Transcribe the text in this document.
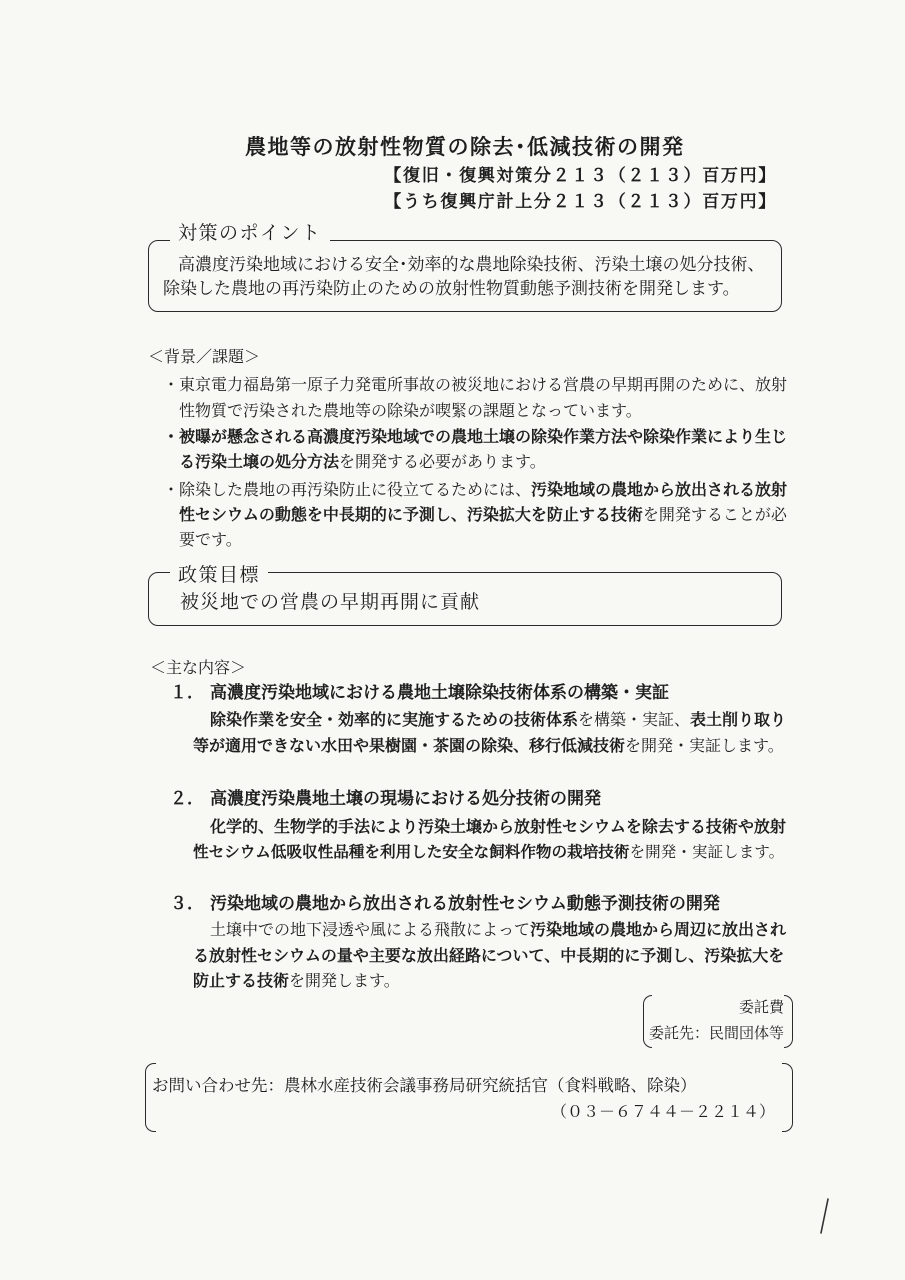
農地等の放射性物質の除去･低減技術の開発
【復旧・復興対策分２１３（２１３）百万円】
【うち復興庁計上分２１３（２１３）百万円】
対策のポイント
高濃度汚染地域における安全･効率的な農地除染技術、汚染土壌の処分技術、
除染した農地の再汚染防止のための放射性物質動態予測技術を開発します。
＜背景／課題＞
・東京電力福島第一原子力発電所事故の被災地における営農の早期再開のために、放射
性物質で汚染された農地等の除染が喫緊の課題となっています。
・被曝が懸念される高濃度汚染地域での農地土壌の除染作業方法や除染作業により生じ
る汚染土壌の処分方法を開発する必要があります。
・除染した農地の再汚染防止に役立てるためには、汚染地域の農地から放出される放射
性セシウムの動態を中長期的に予測し、汚染拡大を防止する技術を開発することが必
要です。
政策目標
被災地での営農の早期再開に貢献
＜主な内容＞
１． 高濃度汚染地域における農地土壌除染技術体系の構築・実証
除染作業を安全・効率的に実施するための技術体系を構築・実証、表土削り取り
等が適用できない水田や果樹園・茶園の除染、移行低減技術を開発・実証します。
２． 高濃度汚染農地土壌の現場における処分技術の開発
化学的、生物学的手法により汚染土壌から放射性セシウムを除去する技術や放射
性セシウム低吸収性品種を利用した安全な飼料作物の栽培技術を開発・実証します。
３． 汚染地域の農地から放出される放射性セシウム動態予測技術の開発
土壌中での地下浸透や風による飛散によって汚染地域の農地から周辺に放出され
る放射性セシウムの量や主要な放出経路について、中長期的に予測し、汚染拡大を
防止する技術を開発します。
委託費
委託先：民間団体等
お問い合わせ先：農林水産技術会議事務局研究統括官（食料戦略、除染）
（０３－６７４４－２２１４）
